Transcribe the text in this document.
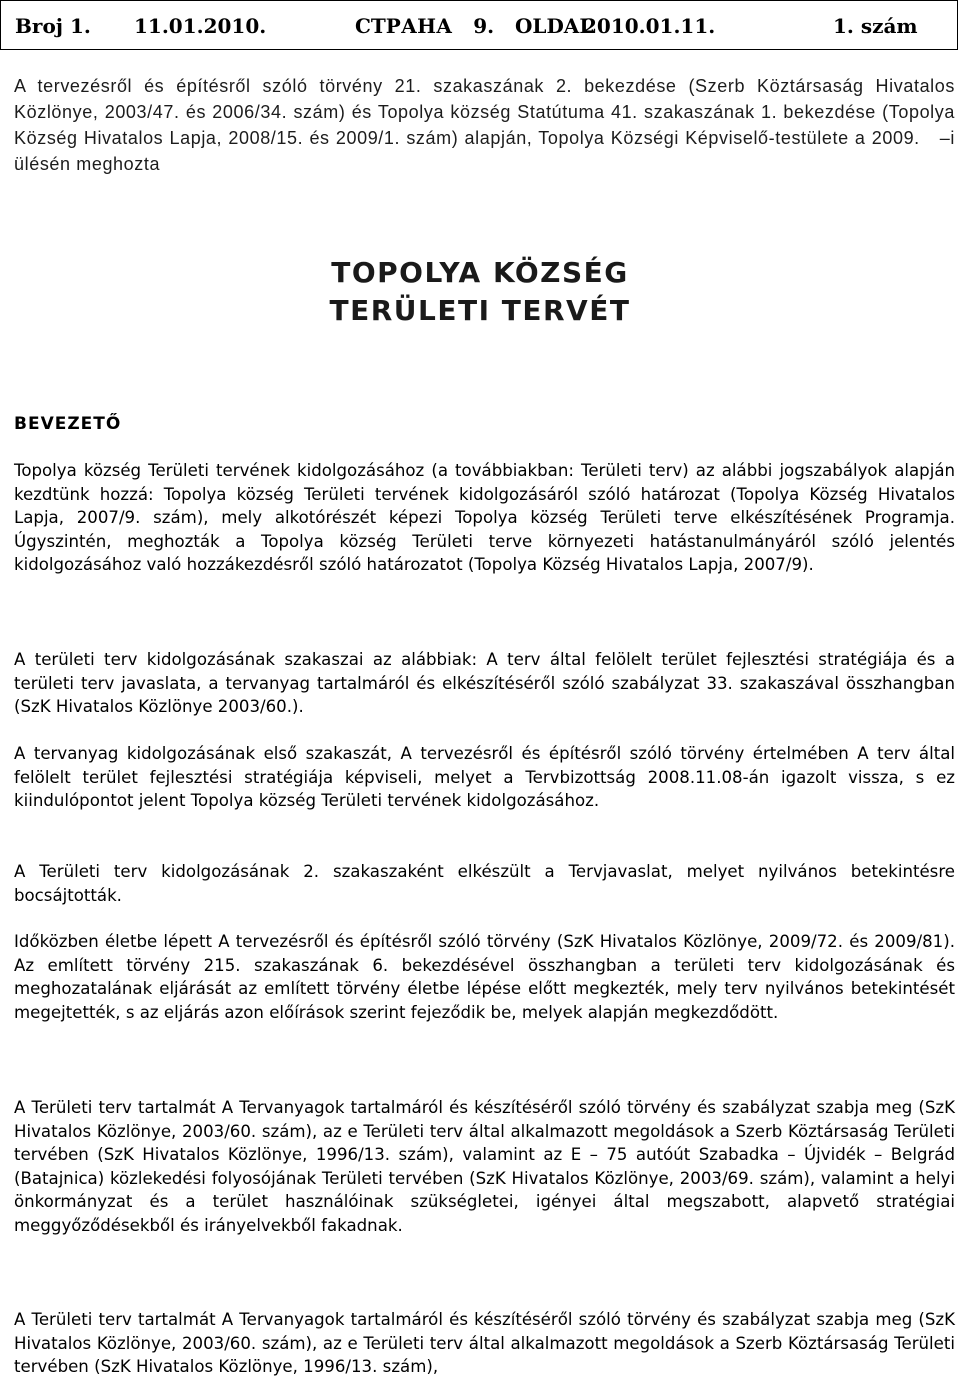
Broj 1. 11.01.2010.	СТРАНА   9.   OLDAL
2010.01.11.	1. szám

A tervezésről és építésről szóló törvény 21. szakaszának 2. bekezdése (Szerb Köztársaság Hivatalos Közlönye, 2003/47. és 2006/34. szám) és Topolya község Statútuma 41. szakaszának 1. bekezdése (Topolya Község Hivatalos Lapja, 2008/15. és 2009/1. szám) alapján, Topolya Községi Képviselő-testülete a 2009. –i ülésén meghozta

TOPOLYA KÖZSÉG
TERÜLETI TERVÉT
BEVEZETŐ

Topolya község Területi tervének kidolgozásához (a továbbiakban: Területi terv) az alábbi jogszabályok alapján kezdtünk hozzá: Topolya község Területi tervének kidolgozásáról szóló határozat (Topolya Község Hivatalos Lapja, 2007/9. szám), mely alkotórészét képezi Topolya község Területi terve elkészítésének Programja. Úgyszintén, meghozták a Topolya község Területi terve környezeti hatástanulmányáról szóló jelentés kidolgozásához való hozzákezdésről szóló határozatot (Topolya Község Hivatalos Lapja, 2007/9).

A területi terv kidolgozásának szakaszai az alábbiak: A terv által felölelt terület fejlesztési stratégiája és a területi terv javaslata, a tervanyag tartalmáról és elkészítéséről szóló szabályzat 33. szakaszával összhangban (SzK Hivatalos Közlönye 2003/60.).

A tervanyag kidolgozásának első szakaszát, A tervezésről és építésről szóló törvény értelmében A terv által felölelt terület fejlesztési stratégiája képviseli, melyet a Tervbizottság 2008.11.08-án igazolt vissza, s ez kiindulópontot jelent Topolya község Területi tervének kidolgozásához.

A Területi terv kidolgozásának 2. szakaszaként elkészült a Tervjavaslat, melyet nyilvános betekintésre bocsájtották.

Időközben életbe lépett A tervezésről és építésről szóló törvény (SzK Hivatalos Közlönye, 2009/72. és 2009/81). Az említett törvény 215. szakaszának 6. bekezdésével összhangban a területi terv kidolgozásának és meghozatalának eljárását az említett törvény életbe lépése előtt megkezték, mely terv nyilvános betekintését megejtették, s az eljárás azon előírások szerint fejeződik be, melyek alapján megkezdődött.

A Területi terv tartalmát A Tervanyagok tartalmáról és készítéséről szóló törvény és szabályzat szabja meg (SzK Hivatalos Közlönye, 2003/60. szám), az e Területi terv által alkalmazott megoldások a Szerb Köztársaság Területi tervében (SzK Hivatalos Közlönye, 1996/13. szám), valamint az E – 75 autóút Szabadka – Újvidék – Belgrád (Batajnica) közlekedési folyosójának Területi tervében (SzK Hivatalos Közlönye, 2003/69. szám), valamint a helyi önkormányzat és a terület használóinak szükségletei, igényei által megszabott, alapvető stratégiai meggyőződésekből és irányelvekből fakadnak.

A Területi terv tartalmát A Tervanyagok tartalmáról és készítéséről szóló törvény és szabályzat szabja meg (SzK Hivatalos Közlönye, 2003/60. szám), az e Területi terv által alkalmazott megoldások a Szerb Köztársaság Területi tervében (SzK Hivatalos Közlönye, 1996/13. szám),
